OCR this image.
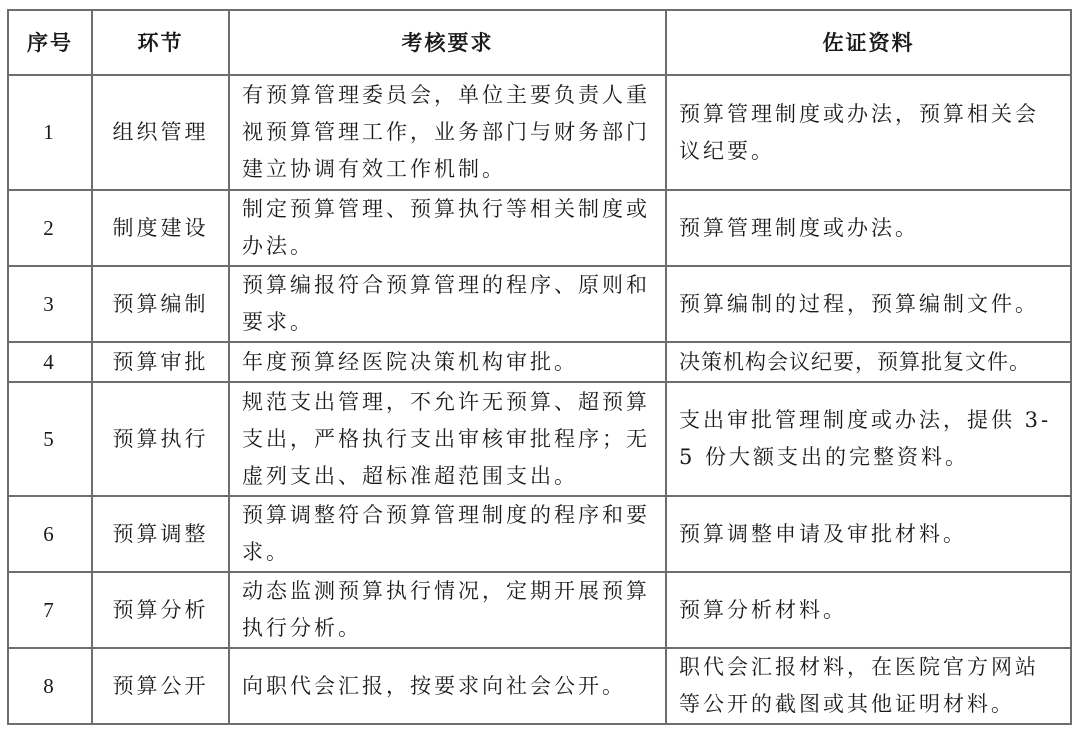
序号	环节	考核要求	佐证资料
1	组织管理	有预算管理委员会，单位主要负责人重视预算管理工作，业务部门与财务部门建立协调有效工作机制。	预算管理制度或办法，预算相关会议纪要。
2	制度建设	制定预算管理、预算执行等相关制度或办法。	预算管理制度或办法。
3	预算编制	预算编报符合预算管理的程序、原则和要求。	预算编制的过程，预算编制文件。
4	预算审批	年度预算经医院决策机构审批。	决策机构会议纪要，预算批复文件。
5	预算执行	规范支出管理，不允许无预算、超预算支出，严格执行支出审核审批程序；无虚列支出、超标准超范围支出。	支出审批管理制度或办法，提供 3-5 份大额支出的完整资料。
6	预算调整	预算调整符合预算管理制度的程序和要求。	预算调整申请及审批材料。
7	预算分析	动态监测预算执行情况，定期开展预算执行分析。	预算分析材料。
8	预算公开	向职代会汇报，按要求向社会公开。	职代会汇报材料，在医院官方网站等公开的截图或其他证明材料。
